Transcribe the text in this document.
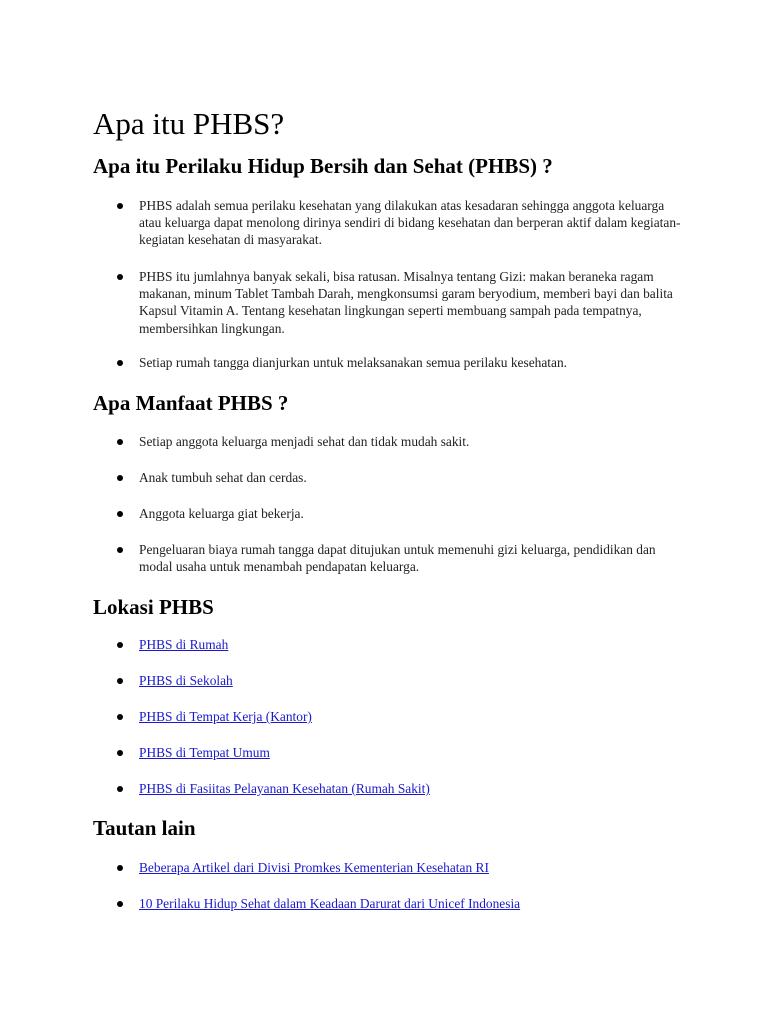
Apa itu PHBS?
Apa itu Perilaku Hidup Bersih dan Sehat (PHBS) ?
PHBS adalah semua perilaku kesehatan yang dilakukan atas kesadaran sehingga anggota keluarga atau keluarga dapat menolong dirinya sendiri di bidang kesehatan dan berperan aktif dalam kegiatan-kegiatan kesehatan di masyarakat.
PHBS itu jumlahnya banyak sekali, bisa ratusan. Misalnya tentang Gizi: makan beraneka ragam makanan, minum Tablet Tambah Darah, mengkonsumsi garam beryodium, memberi bayi dan balita Kapsul Vitamin A. Tentang kesehatan lingkungan seperti membuang sampah pada tempatnya, membersihkan lingkungan.
Setiap rumah tangga dianjurkan untuk melaksanakan semua perilaku kesehatan.
Apa Manfaat PHBS ?
Setiap anggota keluarga menjadi sehat dan tidak mudah sakit.
Anak tumbuh sehat dan cerdas.
Anggota keluarga giat bekerja.
Pengeluaran biaya rumah tangga dapat ditujukan untuk memenuhi gizi keluarga, pendidikan dan modal usaha untuk menambah pendapatan keluarga.
Lokasi PHBS
PHBS di Rumah
PHBS di Sekolah
PHBS di Tempat Kerja (Kantor)
PHBS di Tempat Umum
PHBS di Fasiitas Pelayanan Kesehatan (Rumah Sakit)
Tautan lain
Beberapa Artikel dari Divisi Promkes Kementerian Kesehatan RI
10 Perilaku Hidup Sehat dalam Keadaan Darurat dari Unicef Indonesia
